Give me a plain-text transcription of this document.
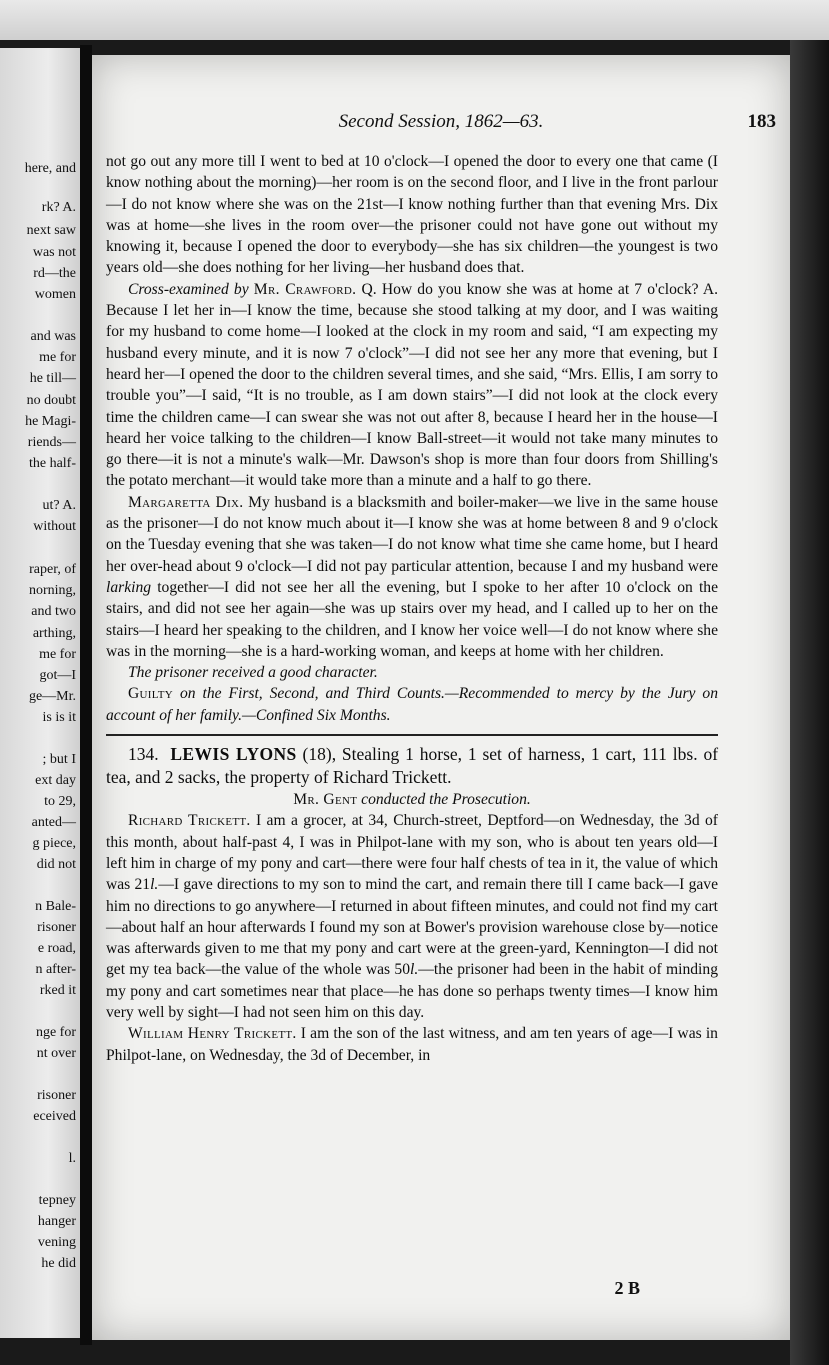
here, and
rk? A.
next saw
was not
rd—the
women
and was
me for
he till—
no doubt
he Magi-
riends—
the half-
ut? A.
without
raper, of
norning,
and two
arthing,
me for
got—I
ge—Mr.
is is it
; but I
ext day
to 29,
anted—
g piece,
did not
n Bale-
risoner
e road,
n after-
rked it
nge for
nt over
risoner
eceived
l.
tepney
hanger
vening
he did
Second Session, 1862—63.	183

not go out any more till I went to bed at 10 o'clock—I opened the door to every one that came (I know nothing about the morning)—her room is on the second floor, and I live in the front parlour—I do not know where she was on the 21st—I know nothing further than that evening Mrs. Dix was at home—she lives in the room over—the prisoner could not have gone out without my knowing it, because I opened the door to everybody—she has six children—the youngest is two years old—she does nothing for her living—her husband does that.

Cross-examined by Mr. Crawford. Q. How do you know she was at home at 7 o'clock? A. Because I let her in—I know the time, because she stood talking at my door, and I was waiting for my husband to come home—I looked at the clock in my room and said, “I am expecting my husband every minute, and it is now 7 o'clock”—I did not see her any more that evening, but I heard her—I opened the door to the children several times, and she said, “Mrs. Ellis, I am sorry to trouble you”—I said, “It is no trouble, as I am down stairs”—I did not look at the clock every time the children came—I can swear she was not out after 8, because I heard her in the house—I heard her voice talking to the children—I know Ball-street—it would not take many minutes to go there—it is not a minute's walk—Mr. Dawson's shop is more than four doors from Shilling's the potato merchant—it would take more than a minute and a half to go there.

Margaretta Dix. My husband is a blacksmith and boiler-maker—we live in the same house as the prisoner—I do not know much about it—I know she was at home between 8 and 9 o'clock on the Tuesday evening that she was taken—I do not know what time she came home, but I heard her over-head about 9 o'clock—I did not pay particular attention, because I and my husband were larking together—I did not see her all the evening, but I spoke to her after 10 o'clock on the stairs, and did not see her again—she was up stairs over my head, and I called up to her on the stairs—I heard her speaking to the children, and I know her voice well—I do not know where she was in the morning—she is a hard-working woman, and keeps at home with her children.

The prisoner received a good character.

Guilty on the First, Second, and Third Counts.—Recommended to mercy by the Jury on account of her family.—Confined Six Months.

134. LEWIS LYONS (18), Stealing 1 horse, 1 set of harness, 1 cart, 111 lbs. of tea, and 2 sacks, the property of Richard Trickett.

Mr. Gent conducted the Prosecution.

Richard Trickett. I am a grocer, at 34, Church-street, Deptford—on Wednesday, the 3d of this month, about half-past 4, I was in Philpot-lane with my son, who is about ten years old—I left him in charge of my pony and cart—there were four half chests of tea in it, the value of which was 21l.—I gave directions to my son to mind the cart, and remain there till I came back—I gave him no directions to go anywhere—I returned in about fifteen minutes, and could not find my cart—about half an hour afterwards I found my son at Bower's provision warehouse close by—notice was afterwards given to me that my pony and cart were at the green-yard, Kennington—I did not get my tea back—the value of the whole was 50l.—the prisoner had been in the habit of minding my pony and cart sometimes near that place—he has done so perhaps twenty times—I know him very well by sight—I had not seen him on this day.

William Henry Trickett. I am the son of the last witness, and am ten years of age—I was in Philpot-lane, on Wednesday, the 3d of December, in

2 B
